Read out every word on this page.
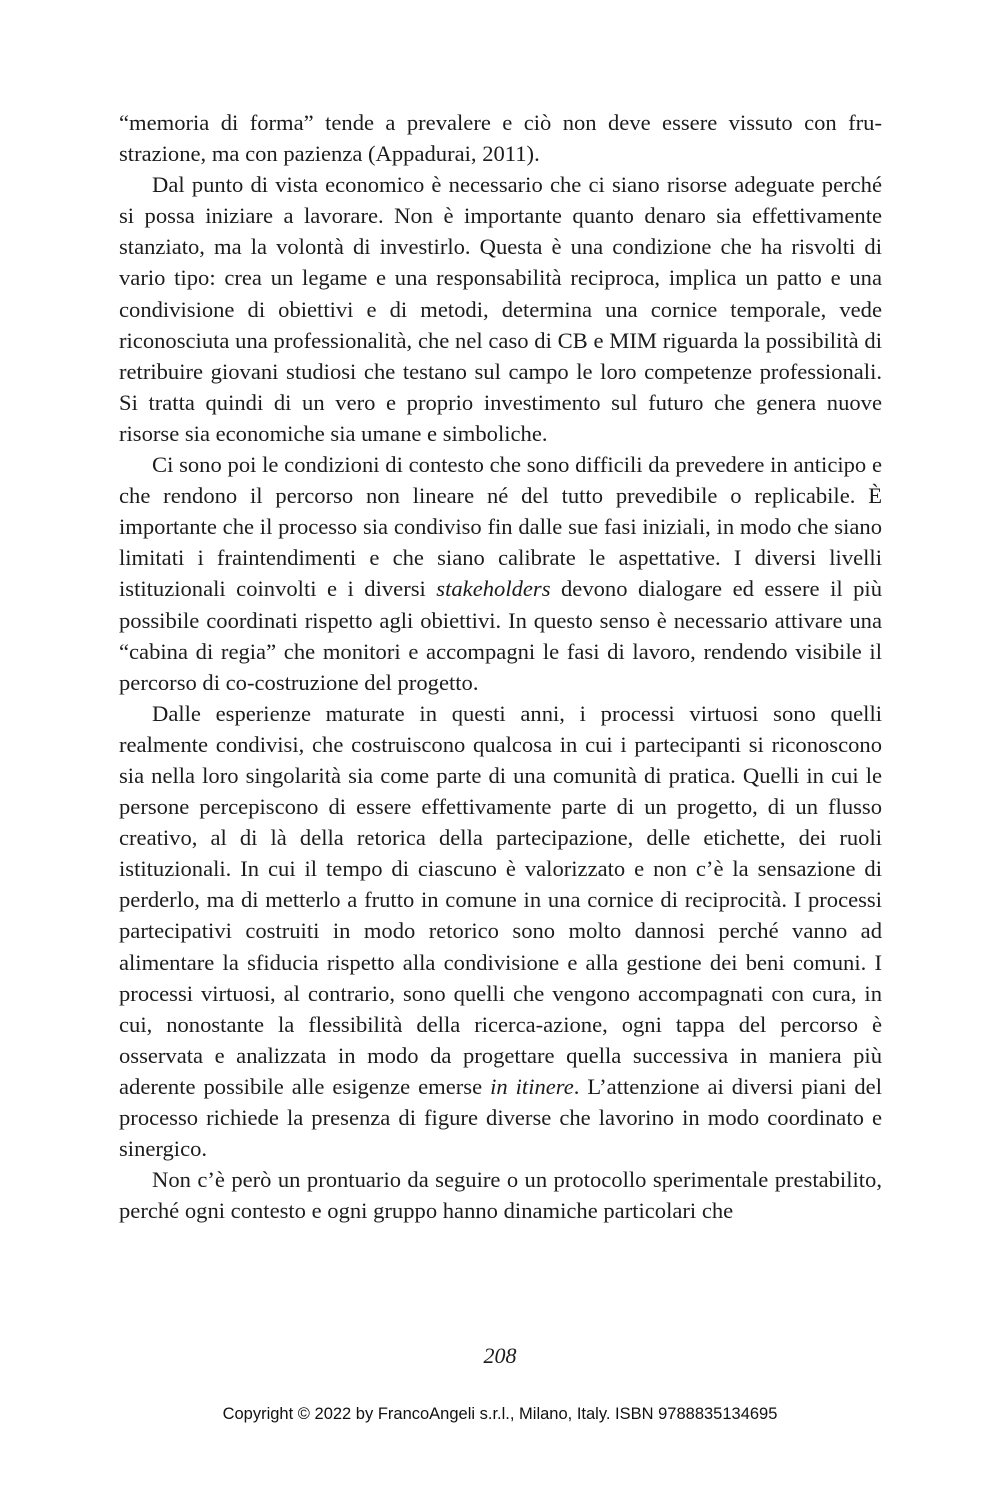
“memoria di forma” tende a prevalere e ciò non deve essere vissuto con frustrazione, ma con pazienza (Appadurai, 2011).

Dal punto di vista economico è necessario che ci siano risorse adeguate perché si possa iniziare a lavorare. Non è importante quanto denaro sia effettivamente stanziato, ma la volontà di investirlo. Questa è una condizione che ha risvolti di vario tipo: crea un legame e una responsabilità reciproca, implica un patto e una condivisione di obiettivi e di metodi, determina una cornice temporale, vede riconosciuta una professionalità, che nel caso di CB e MIM riguarda la possibilità di retribuire giovani studiosi che testano sul campo le loro competenze professionali. Si tratta quindi di un vero e proprio investimento sul futuro che genera nuove risorse sia economiche sia umane e simboliche.

Ci sono poi le condizioni di contesto che sono difficili da prevedere in anticipo e che rendono il percorso non lineare né del tutto prevedibile o replicabile. È importante che il processo sia condiviso fin dalle sue fasi iniziali, in modo che siano limitati i fraintendimenti e che siano calibrate le aspettative. I diversi livelli istituzionali coinvolti e i diversi stakeholders devono dialogare ed essere il più possibile coordinati rispetto agli obiettivi. In questo senso è necessario attivare una “cabina di regia” che monitori e accompagni le fasi di lavoro, rendendo visibile il percorso di co-costruzione del progetto.

Dalle esperienze maturate in questi anni, i processi virtuosi sono quelli realmente condivisi, che costruiscono qualcosa in cui i partecipanti si riconoscono sia nella loro singolarità sia come parte di una comunità di pratica. Quelli in cui le persone percepiscono di essere effettivamente parte di un progetto, di un flusso creativo, al di là della retorica della partecipazione, delle etichette, dei ruoli istituzionali. In cui il tempo di ciascuno è valorizzato e non c’è la sensazione di perderlo, ma di metterlo a frutto in comune in una cornice di reciprocità. I processi partecipativi costruiti in modo retorico sono molto dannosi perché vanno ad alimentare la sfiducia rispetto alla condivisione e alla gestione dei beni comuni. I processi virtuosi, al contrario, sono quelli che vengono accompagnati con cura, in cui, nonostante la flessibilità della ricerca-azione, ogni tappa del percorso è osservata e analizzata in modo da progettare quella successiva in maniera più aderente possibile alle esigenze emerse in itinere. L’attenzione ai diversi piani del processo richiede la presenza di figure diverse che lavorino in modo coordinato e sinergico.

Non c’è però un prontuario da seguire o un protocollo sperimentale prestabilito, perché ogni contesto e ogni gruppo hanno dinamiche particolari che

208
Copyright © 2022 by FrancoAngeli s.r.l., Milano, Italy. ISBN 9788835134695
